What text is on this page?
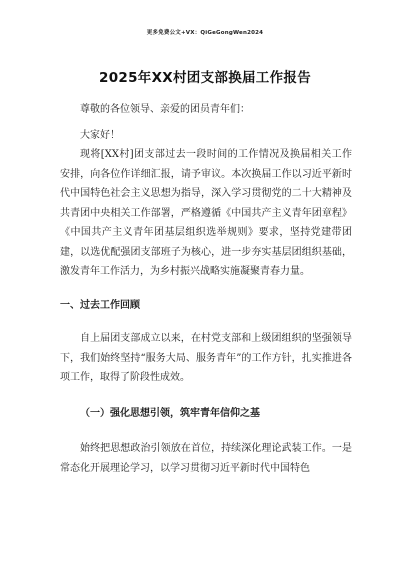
更多免费公文+VX：QiGeGongWen2024
2025年XX村团支部换届工作报告

尊敬的各位领导、亲爱的团员青年们：

大家好！

现将[XX村]团支部过去一段时间的工作情况及换届相关工作安排，向各位作详细汇报，请予审议。本次换届工作以习近平新时代中国特色社会主义思想为指导，深入学习贯彻党的二十大精神及共青团中央相关工作部署，严格遵循《中国共产主义青年团章程》《中国共产主义青年团基层组织选举规则》要求，坚持党建带团建，以选优配强团支部班子为核心，进一步夯实基层团组织基础，激发青年工作活力，为乡村振兴战略实施凝聚青春力量。

一、过去工作回顾

自上届团支部成立以来，在村党支部和上级团组织的坚强领导下，我们始终坚持“服务大局、服务青年”的工作方针，扎实推进各项工作，取得了阶段性成效。

（一）强化思想引领，筑牢青年信仰之基

始终把思想政治引领放在首位，持续深化理论武装工作。一是常态化开展理论学习，以学习贯彻习近平新时代中国特色
